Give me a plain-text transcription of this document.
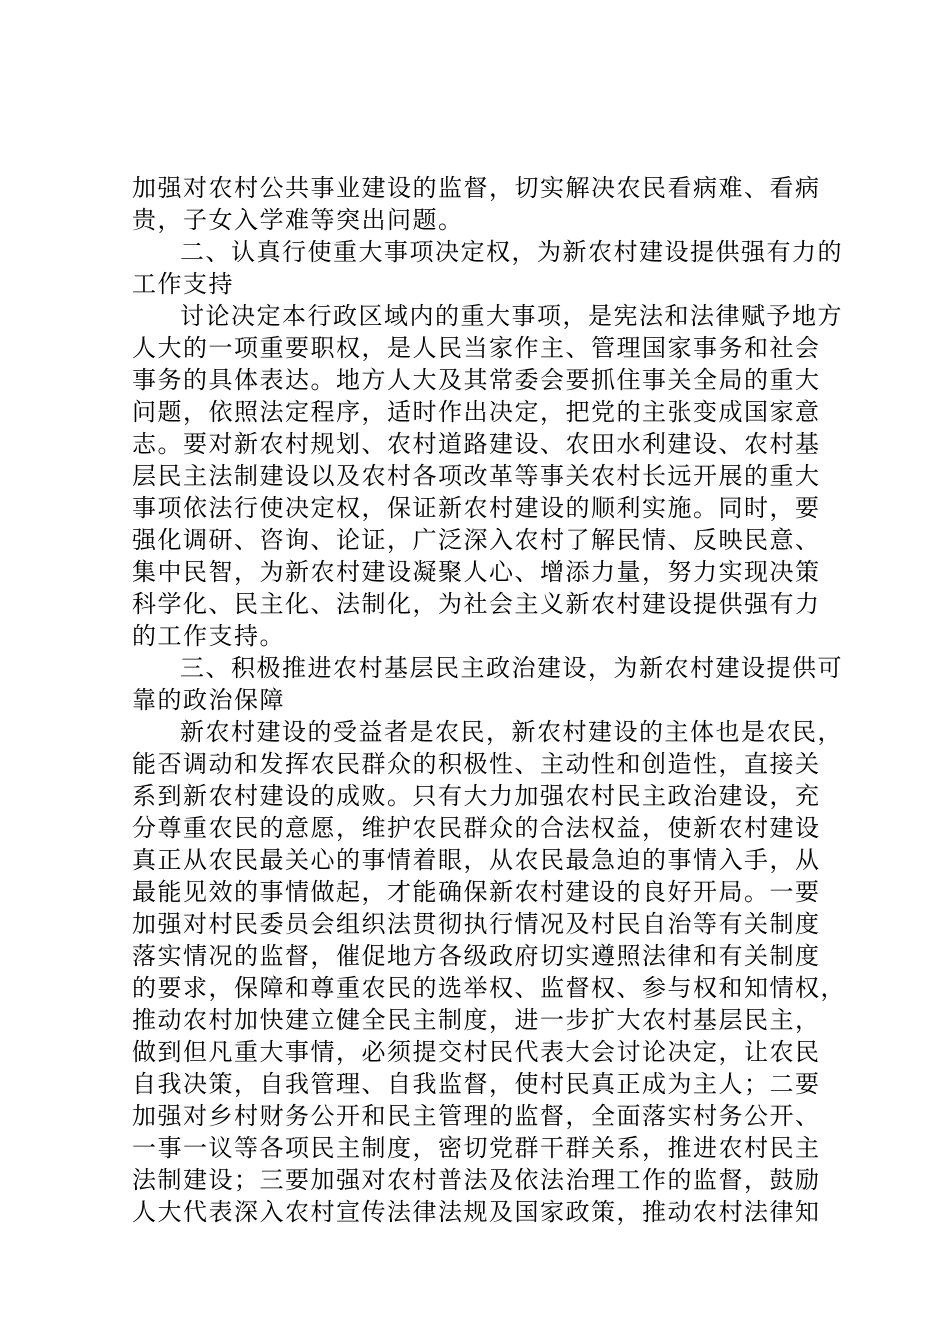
加强对农村公共事业建设的监督，切实解决农民看病难、看病
贵，子女入学难等突出问题。
二、认真行使重大事项决定权，为新农村建设提供强有力的
工作支持
讨论决定本行政区域内的重大事项，是宪法和法律赋予地方
人大的一项重要职权，是人民当家作主、管理国家事务和社会
事务的具体表达。地方人大及其常委会要抓住事关全局的重大
问题，依照法定程序，适时作出决定，把党的主张变成国家意
志。要对新农村规划、农村道路建设、农田水利建设、农村基
层民主法制建设以及农村各项改革等事关农村长远开展的重大
事项依法行使决定权，保证新农村建设的顺利实施。同时，要
强化调研、咨询、论证，广泛深入农村了解民情、反映民意、
集中民智，为新农村建设凝聚人心、增添力量，努力实现决策
科学化、民主化、法制化，为社会主义新农村建设提供强有力
的工作支持。
三、积极推进农村基层民主政治建设，为新农村建设提供可
靠的政治保障
新农村建设的受益者是农民，新农村建设的主体也是农民，
能否调动和发挥农民群众的积极性、主动性和创造性，直接关
系到新农村建设的成败。只有大力加强农村民主政治建设，充
分尊重农民的意愿，维护农民群众的合法权益，使新农村建设
真正从农民最关心的事情着眼，从农民最急迫的事情入手，从
最能见效的事情做起，才能确保新农村建设的良好开局。一要
加强对村民委员会组织法贯彻执行情况及村民自治等有关制度
落实情况的监督，催促地方各级政府切实遵照法律和有关制度
的要求，保障和尊重农民的选举权、监督权、参与权和知情权，
推动农村加快建立健全民主制度，进一步扩大农村基层民主，
做到但凡重大事情，必须提交村民代表大会讨论决定，让农民
自我决策，自我管理、自我监督，使村民真正成为主人；二要
加强对乡村财务公开和民主管理的监督，全面落实村务公开、
一事一议等各项民主制度，密切党群干群关系，推进农村民主
法制建设；三要加强对农村普法及依法治理工作的监督，鼓励
人大代表深入农村宣传法律法规及国家政策，推动农村法律知
